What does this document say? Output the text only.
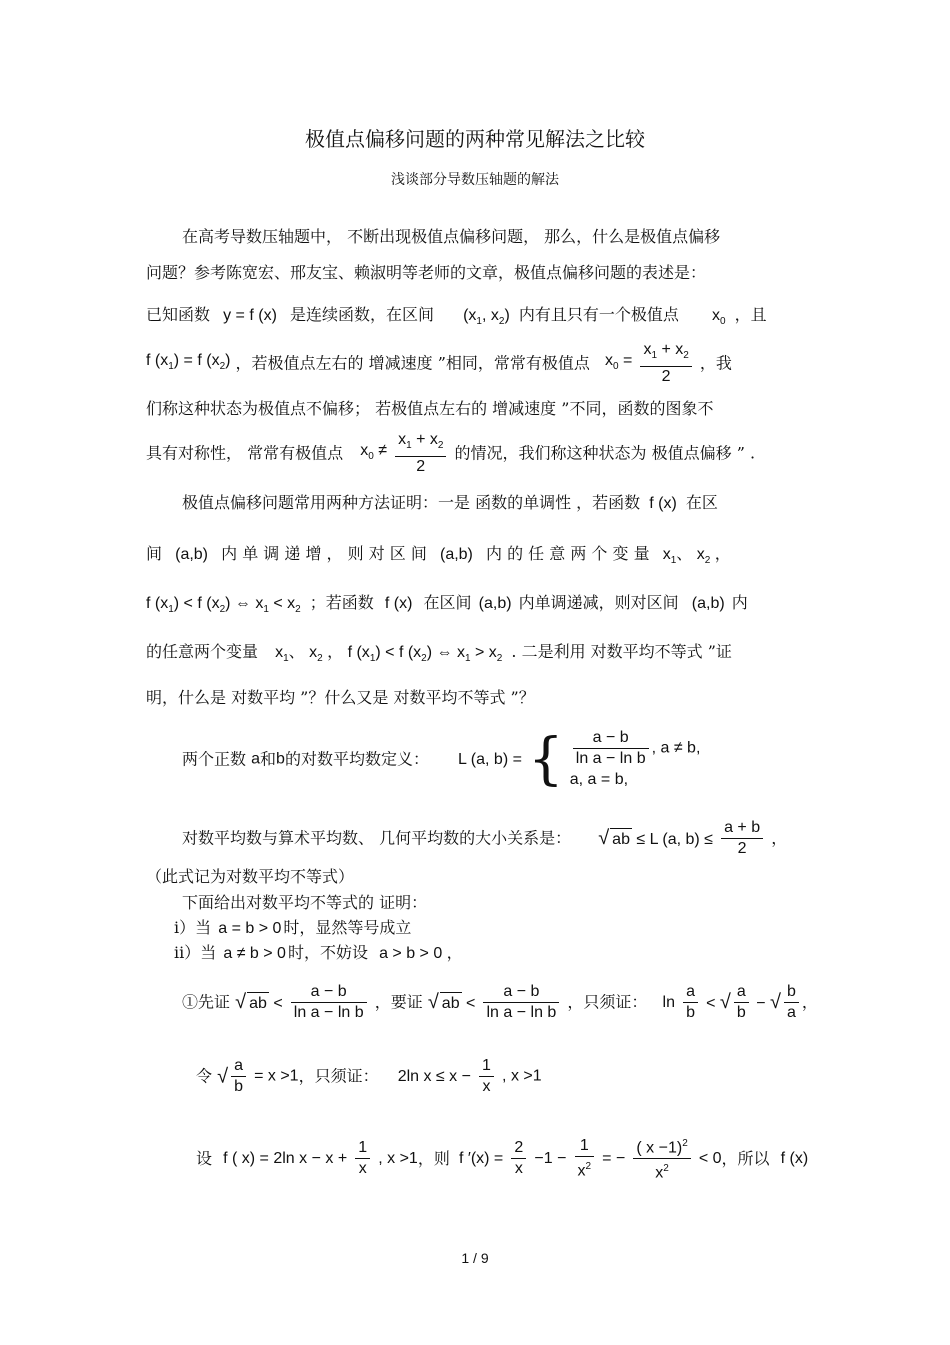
极值点偏移问题的两种常见解法之比较
浅谈部分导数压轴题的解法
在高考导数压轴题中， 不断出现极值点偏移问题， 那么，什么是极值点偏移
问题？参考陈宽宏、邢友宝、赖淑明等老师的文章，极值点偏移问题的表述是：
已知函数 y = f (x) 是连续函数，在区间 ($x_1$, $x_2$) 内有且只有一个极值点 $x_0$ ，且
f $(x_1) = f$ $(x_2)$ ，若极值点左右的 增减速度 ”相同，常常有极值点 $x_0 = \frac{x_1 + x_2}{2}$ ，我
们称这种状态为极值点不偏移； 若极值点左右的 增减速度 ”不同，函数的图象不
具有对称性， 常常有极值点 $x_0 \ne \frac{x_1 + x_2}{2}$ 的情况，我们称这种状态为 极值点偏移 ” .
极值点偏移问题常用两种方法证明：一是 函数的单调性 ，若函数 f (x) 在区
间 (a,b) 内 单 调 递 增 ， 则 对 区 间 (a,b) 内 的 任 意 两 个 变 量 $x_1$、 $x_2$ ，
f $(x_1) < f$ $(x_2)$ ⇔ $x_1 < x_2$ ；若函数 f (x) 在区间 (a,b) 内单调递减，则对区间 (a,b) 内
的任意两个变量 $x_1$、 $x_2$ ， f $(x_1) < f$ $(x_2)$ ⇔ $x_1 > x_2$ . 二是利用 对数平均不等式 ”证
明，什么是 对数平均 ”？什么又是 对数平均不等式 ”？
两个正数 a和b的对数平均数定义： L (a, b) = { $\frac{a - b}{\text{ln a − ln b}}$ , a ≠ b,
a, a = b,
对数平均数与算术平均数、 几何平均数的大小关系是： √ ab ≤ L (a, $b) \le \frac{a + b}{2}$ ，
（此式记为对数平均不等式）
下面给出对数平均不等式的 证明：
i）当 a = b > 0 时，显然等号成立
ii）当 a ≠ b > 0 时，不妨设 a > b > 0 ，
①先证 √ ab < $\frac{a - b}{\text{ln a − ln b}}$ ，要证 √ ab < $\frac{a - b}{\text{ln a − ln b}}$ ，只须证： $\ln \frac{a}{b}$ < √ $\frac{a}{b}$ − √ $\frac{b}{a}$ ，
令 √ $\frac{a}{b} = x >1$，只须证： 2ln $x \le x - \frac{1}{x}$ , x >1
设 f ( x) = 2ln $x - x + \frac{1}{x}$ , x >1，则 f $'(x) = \frac{2}{x} -1 - \frac{1}{x^2}$ = − $\frac{( x -1)^2}{x^2} < 0$，所以 f (x)
1 / 9
